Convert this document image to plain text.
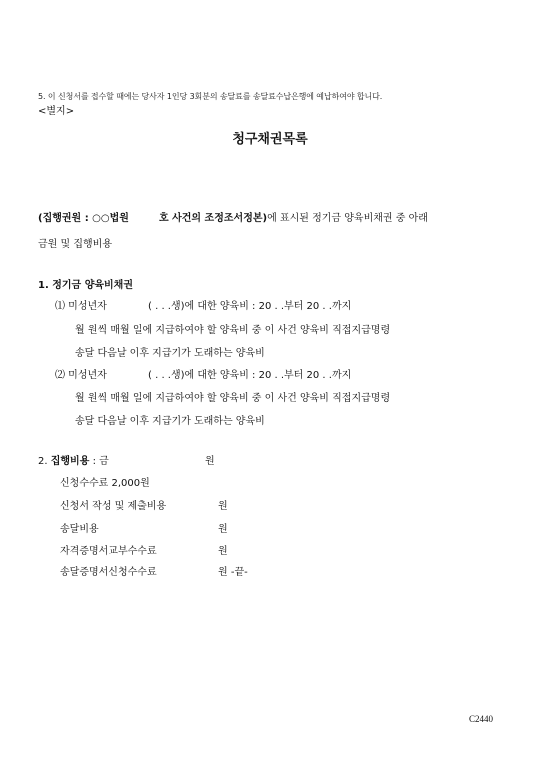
5. 이 신청서를 접수할 때에는 당사자 1인당 3회분의 송달료를 송달료수납은행에 예납하여야 합니다.
<별지>
청구채권목록
(집행권원 : ○○법원	호 사건의 조정조서정본)에 표시된 정기금 양육비채권 중 아래
금원 및 집행비용
1. 정기금 양육비채권
⑴ 미성년자	( . . .생)에 대한 양육비 : 20 . .부터 20 . .까지
월 원씩 매월 일에 지급하여야 할 양육비 중 이 사건 양육비 직접지급명령
송달 다음날 이후 지급기가 도래하는 양육비
⑵ 미성년자	( . . .생)에 대한 양육비 : 20 . .부터 20 . .까지
월 원씩 매월 일에 지급하여야 할 양육비 중 이 사건 양육비 직접지급명령
송달 다음날 이후 지급기가 도래하는 양육비
2. 집행비용 : 금	원
신청수수료 2,000원
신청서 작성 및 제출비용	원
송달비용	원
자격증명서교부수수료	원
송달증명서신청수수료	원 -끝-
C2440
